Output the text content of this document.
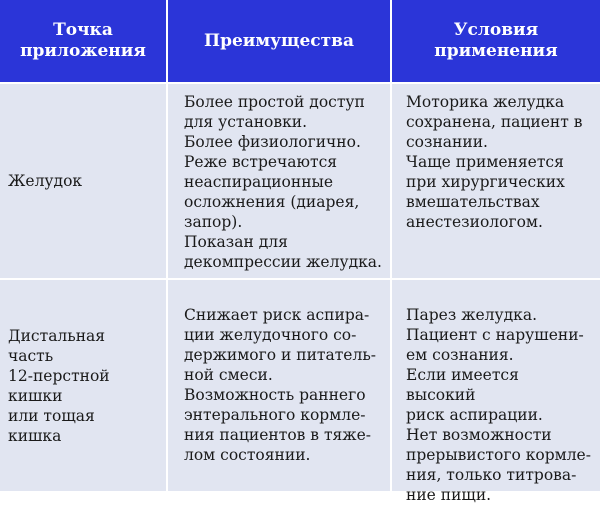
Точка
приложения
Преимущества
Условия
применения

Желудок

Более простой доступ
для установки.

Более физиологично.

Реже встречаются
неаспирационные
осложнения (диарея,
запор).

Показан для
декомпрессии желудка.

Моторика желудка
сохранена, пациент в
сознании.

Чаще применяется
при хирургических
вмешательствах
анестезиологом.

Дистальная
часть
12-перстной
кишки
или тощая
кишка

Снижает риск аспира-
ции желудочного со-
держимого и питатель-
ной смеси.

Возможность раннего
энтерального кормле-
ния пациентов в тяже-
лом состоянии.

Парез желудка.

Пациент с нарушени-
ем сознания.

Если имеется высокий
риск аспирации.

Нет возможности
прерывистого кормле-
ния, только титрова-
ние пищи.
